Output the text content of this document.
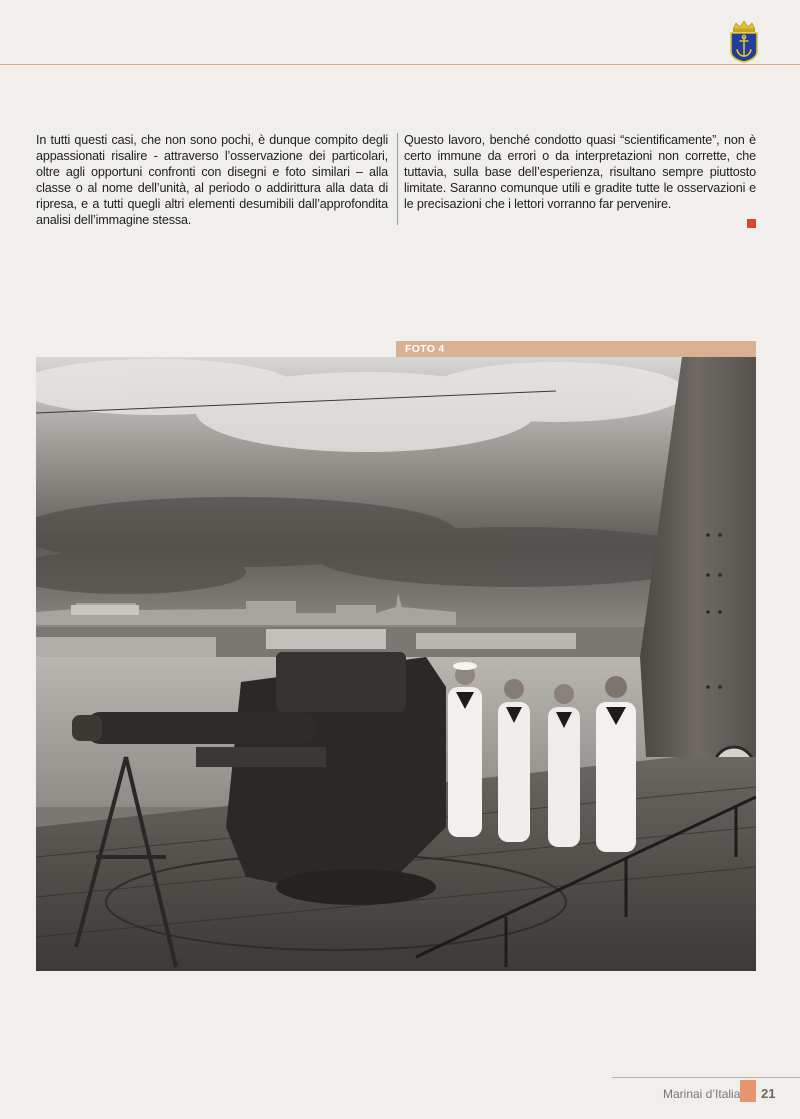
In tutti questi casi, che non sono pochi, è dunque compito degli appassionati risalire - attraverso l’osservazione dei particolari, oltre agli opportuni confronti con disegni e foto similari – alla classe o al nome dell’unità, al periodo o addirittura alla data di ripresa, e a tutti quegli altri elementi desumibili dall’approfondita analisi dell’immagine stessa.
Questo lavoro, benché condotto quasi “scientificamente”, non è certo immune da errori o da interpretazioni non corrette, che tuttavia, sulla base dell’esperienza, risultano sempre piuttosto limitate. Saranno comunque utili e gradite tutte le osservazioni e le precisazioni che i lettori vorranno far pervenire.
FOTO 4
Marinai d’Italia 21
